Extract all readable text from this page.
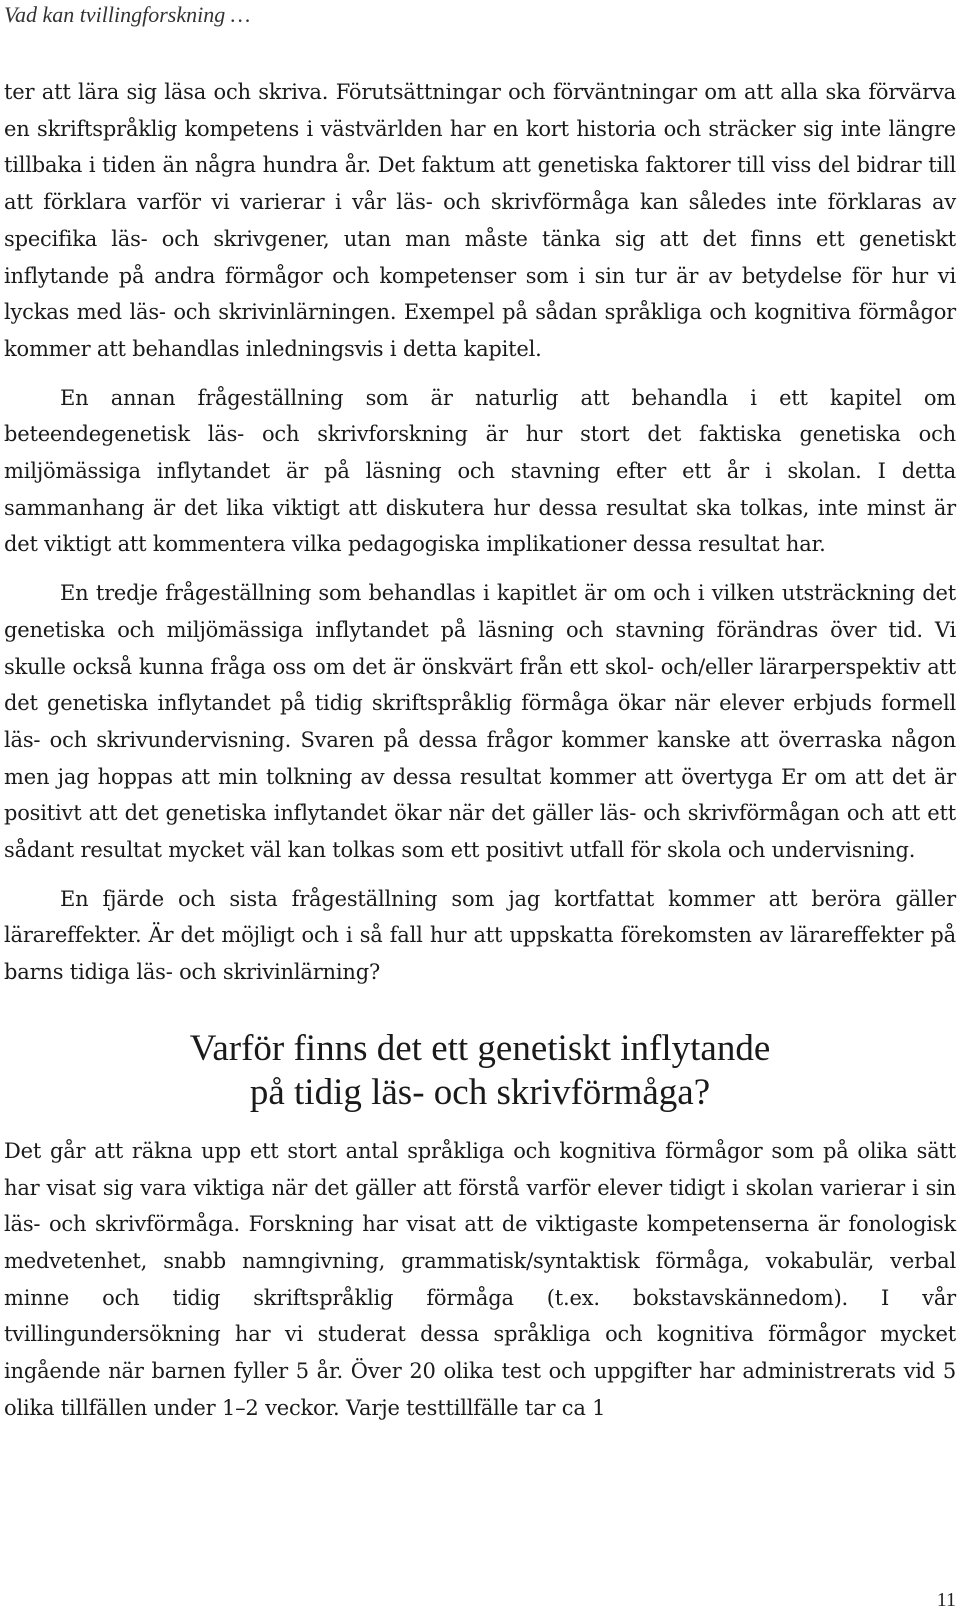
Vad kan tvillingforskning …

ter att lära sig läsa och skriva. Förutsättningar och förväntningar om att alla ska förvärva en skriftspråklig kompetens i västvärlden har en kort historia och sträcker sig inte längre tillbaka i tiden än några hundra år. Det faktum att genetiska faktorer till viss del bidrar till att förklara varför vi varierar i vår läs- och skrivförmåga kan således inte förklaras av specifika läs- och skrivgener, utan man måste tänka sig att det finns ett genetiskt inflytande på andra förmågor och kompetenser som i sin tur är av betydelse för hur vi lyckas med läs- och skrivinlärningen. Exempel på sådan språkliga och kognitiva förmågor kommer att behandlas inledningsvis i detta kapitel.

En annan frågeställning som är naturlig att behandla i ett kapitel om beteendegenetisk läs- och skrivforskning är hur stort det faktiska genetiska och miljömässiga inflytandet är på läsning och stavning efter ett år i skolan. I detta sammanhang är det lika viktigt att diskutera hur dessa resultat ska tolkas, inte minst är det viktigt att kommentera vilka pedagogiska implikationer dessa resultat har.

En tredje frågeställning som behandlas i kapitlet är om och i vilken utsträckning det genetiska och miljömässiga inflytandet på läsning och stavning förändras över tid. Vi skulle också kunna fråga oss om det är önskvärt från ett skol- och/eller lärarperspektiv att det genetiska inflytandet på tidig skriftspråklig förmåga ökar när elever erbjuds formell läs- och skrivundervisning. Svaren på dessa frågor kommer kanske att överraska någon men jag hoppas att min tolkning av dessa resultat kommer att övertyga Er om att det är positivt att det genetiska inflytandet ökar när det gäller läs- och skrivförmågan och att ett sådant resultat mycket väl kan tolkas som ett positivt utfall för skola och undervisning.

En fjärde och sista frågeställning som jag kortfattat kommer att beröra gäller lärareffekter. Är det möjligt och i så fall hur att uppskatta förekomsten av lärareffekter på barns tidiga läs- och skrivinlärning?

Varför finns det ett genetiskt inflytande
på tidig läs- och skrivförmåga?

Det går att räkna upp ett stort antal språkliga och kognitiva förmågor som på olika sätt har visat sig vara viktiga när det gäller att förstå varför elever tidigt i skolan varierar i sin läs- och skrivförmåga. Forskning har visat att de viktigaste kompetenserna är fonologisk medvetenhet, snabb namngivning, grammatisk/syntaktisk förmåga, vokabulär, verbal minne och tidig skriftspråklig förmåga (t.ex. bokstavskännedom). I vår tvillingundersökning har vi studerat dessa språkliga och kognitiva förmågor mycket ingående när barnen fyller 5 år. Över 20 olika test och uppgifter har administrerats vid 5 olika tillfällen under 1–2 veckor. Varje testtillfälle tar ca 1

11
